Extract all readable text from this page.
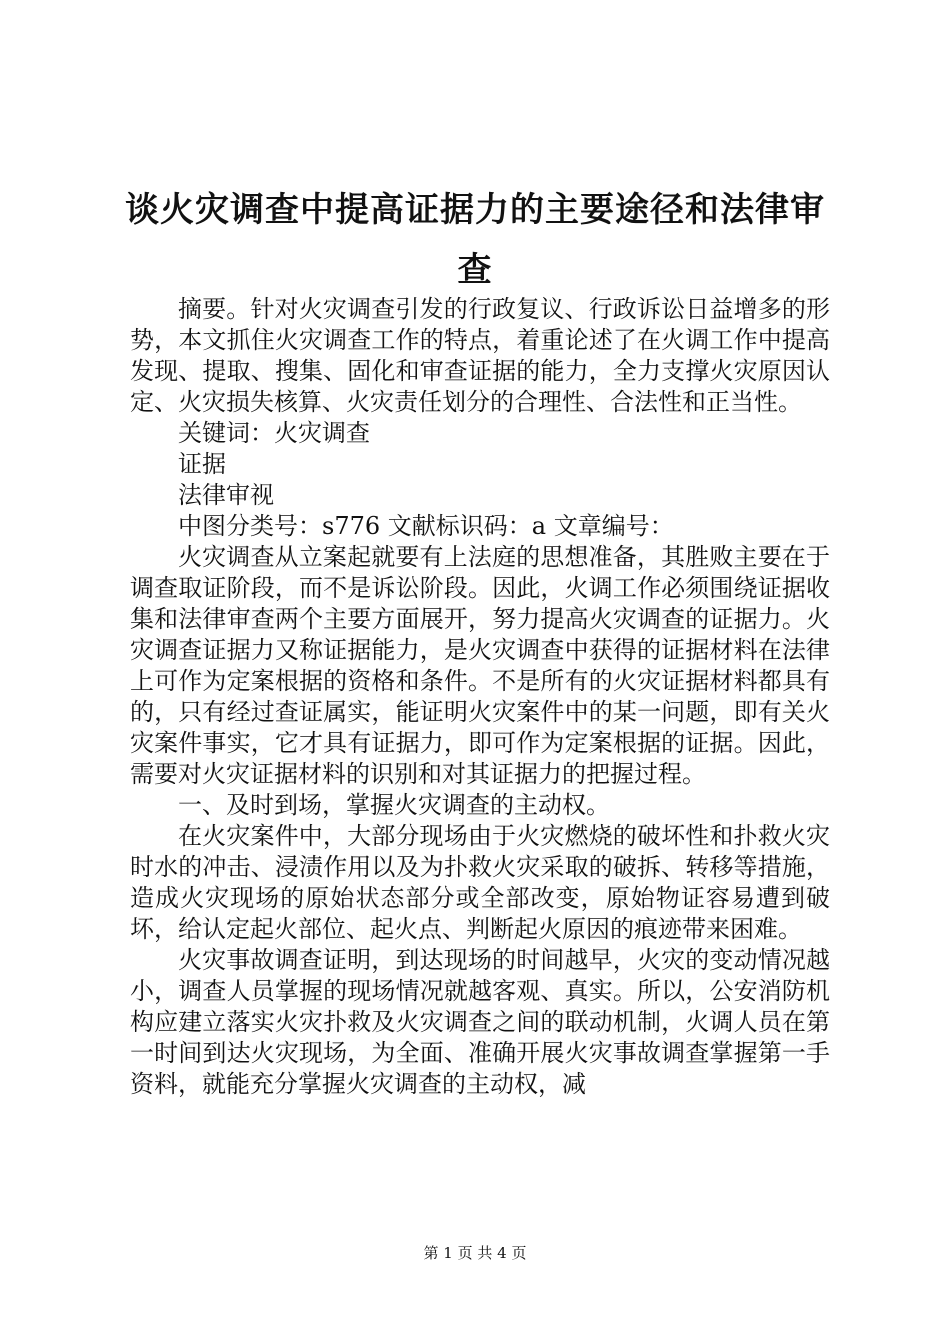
谈火灾调查中提高证据力的主要途径和法律审查

摘要。针对火灾调查引发的行政复议、行政诉讼日益增多的形势，本文抓住火灾调查工作的特点，着重论述了在火调工作中提高发现、提取、搜集、固化和审查证据的能力，全力支撑火灾原因认定、火灾损失核算、火灾责任划分的合理性、合法性和正当性。

关键词：火灾调查

证据

法律审视

中图分类号：s776 文献标识码：a 文章编号：

火灾调查从立案起就要有上法庭的思想准备，其胜败主要在于调查取证阶段，而不是诉讼阶段。因此，火调工作必须围绕证据收集和法律审查两个主要方面展开，努力提高火灾调查的证据力。火灾调查证据力又称证据能力，是火灾调查中获得的证据材料在法律上可作为定案根据的资格和条件。不是所有的火灾证据材料都具有的，只有经过查证属实，能证明火灾案件中的某一问题，即有关火灾案件事实，它才具有证据力，即可作为定案根据的证据。因此，需要对火灾证据材料的识别和对其证据力的把握过程。

一、及时到场，掌握火灾调查的主动权。

在火灾案件中，大部分现场由于火灾燃烧的破坏性和扑救火灾时水的冲击、浸渍作用以及为扑救火灾采取的破拆、转移等措施，造成火灾现场的原始状态部分或全部改变，原始物证容易遭到破坏，给认定起火部位、起火点、判断起火原因的痕迹带来困难。

火灾事故调查证明，到达现场的时间越早，火灾的变动情况越小，调查人员掌握的现场情况就越客观、真实。所以，公安消防机构应建立落实火灾扑救及火灾调查之间的联动机制，火调人员在第一时间到达火灾现场，为全面、准确开展火灾事故调查掌握第一手资料，就能充分掌握火灾调查的主动权，减

第 1 页 共 4 页
